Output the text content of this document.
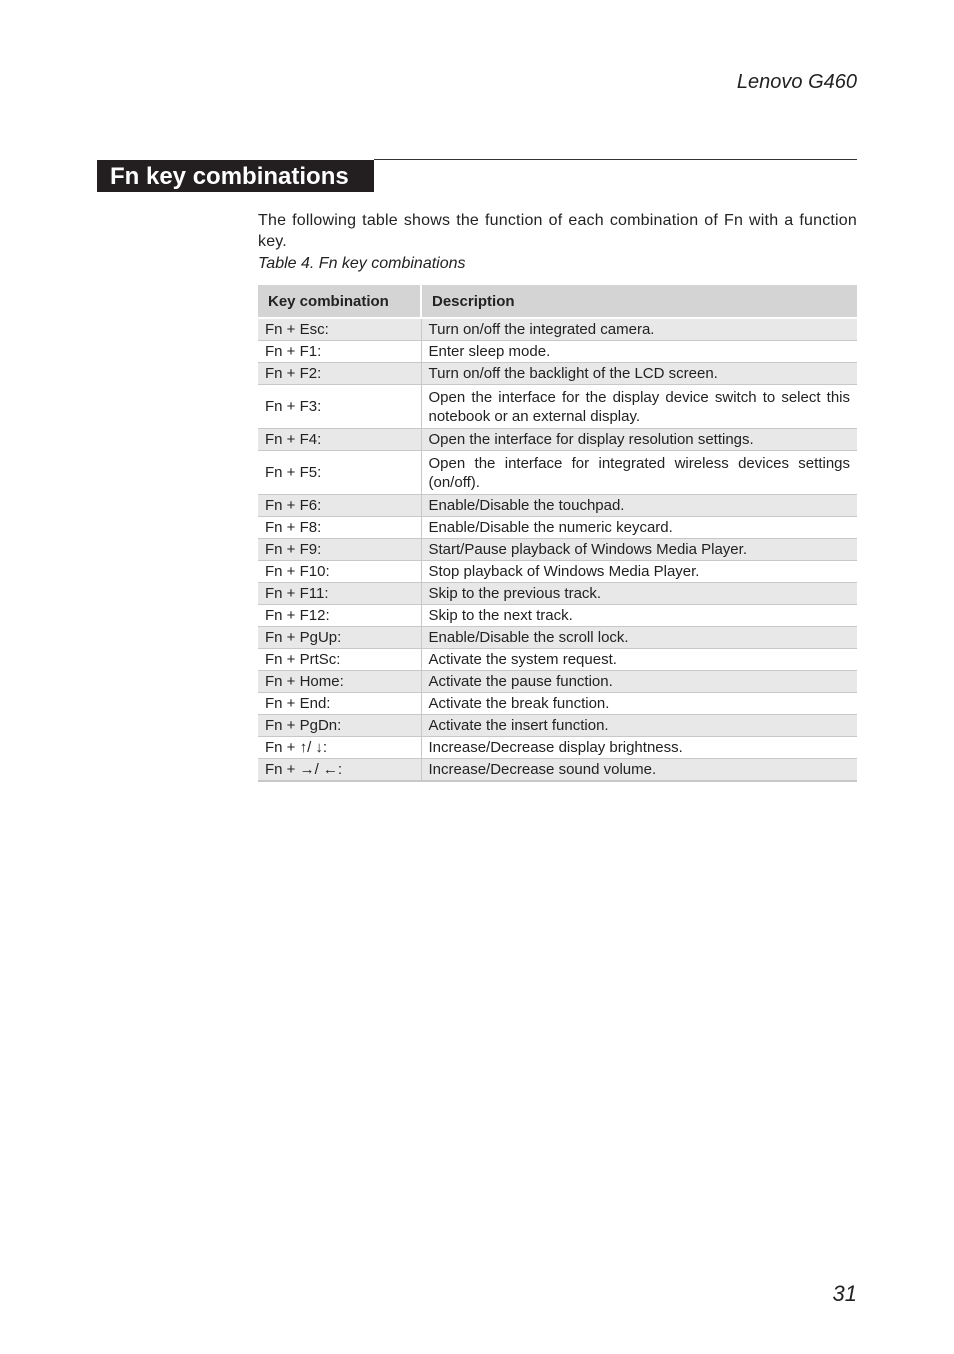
Lenovo G460
Fn key combinations
The following table shows the function of each combination of Fn with a function key.
Table 4. Fn key combinations
Key combination	Description
Fn + Esc:	Turn on/off the integrated camera.
Fn + F1:	Enter sleep mode.
Fn + F2:	Turn on/off the backlight of the LCD screen.
Fn + F3:	Open the interface for the display device switch to select this notebook or an external display.
Fn + F4:	Open the interface for display resolution settings.
Fn + F5:	Open the interface for integrated wireless devices settings (on/off).
Fn + F6:	Enable/Disable the touchpad.
Fn + F8:	Enable/Disable the numeric keycard.
Fn + F9:	Start/Pause playback of Windows Media Player.
Fn + F10:	Stop playback of Windows Media Player.
Fn + F11:	Skip to the previous track.
Fn + F12:	Skip to the next track.
Fn + PgUp:	Enable/Disable the scroll lock.
Fn + PrtSc:	Activate the system request.
Fn + Home:	Activate the pause function.
Fn + End:	Activate the break function.
Fn + PgDn:	Activate the insert function.
Fn + ↑/ ↓:	Increase/Decrease display brightness.
Fn + →/ ←:	Increase/Decrease sound volume.
31
